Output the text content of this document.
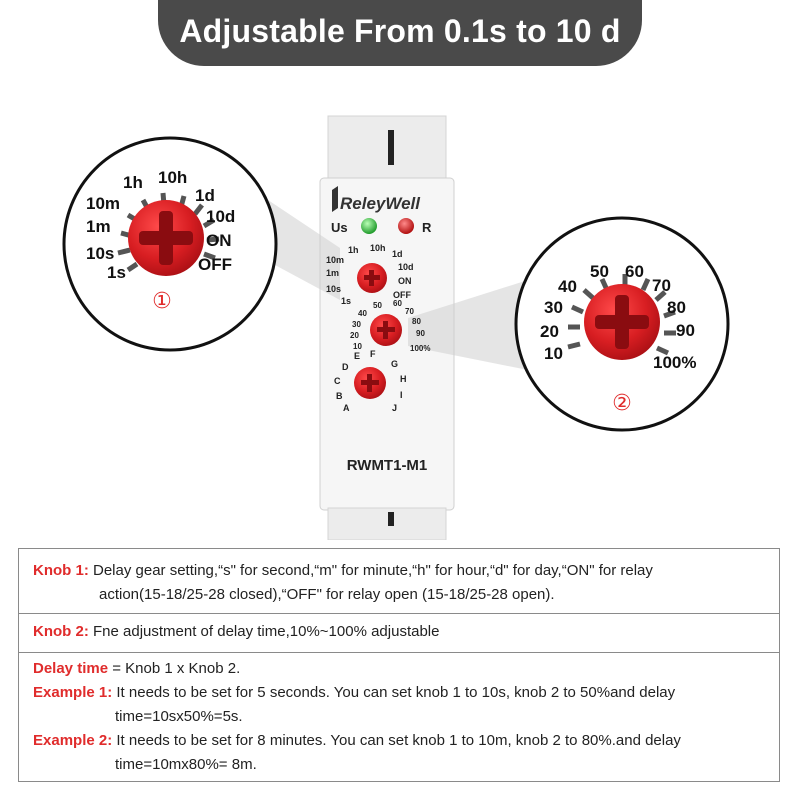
Adjustable From 0.1s to 10 d
ReleyWell
Us	R
1s
10s
1m
10m
1h 10h
1d
10d
ON
OFF
10
20
30
40
50 60
70
80
90
100%
A
B
C
D
E F
G
H
I
J
RWMT1-M1
1s
10s
1m
10m
1h 10h
1d
10d
ON
OFF
①
10
20
30
40
50 60
70
80
90
100%
②
Knob 1: Delay gear setting,“s" for second,“m" for minute,“h" for hour,“d" for day,“ON" for relay
action(15-18/25-28 closed),“OFF" for relay open (15-18/25-28 open).
Knob 2: Fne adjustment of delay time,10%~100% adjustable
Delay time = Knob 1 x Knob 2.
Example 1: It needs to be set for 5 seconds. You can set knob 1 to 10s, knob 2 to 50%and delay
time=10sx50%=5s.
Example 2: It needs to be set for 8 minutes. You can set knob 1 to 10m, knob 2 to 80%.and delay
time=10mx80%= 8m.
